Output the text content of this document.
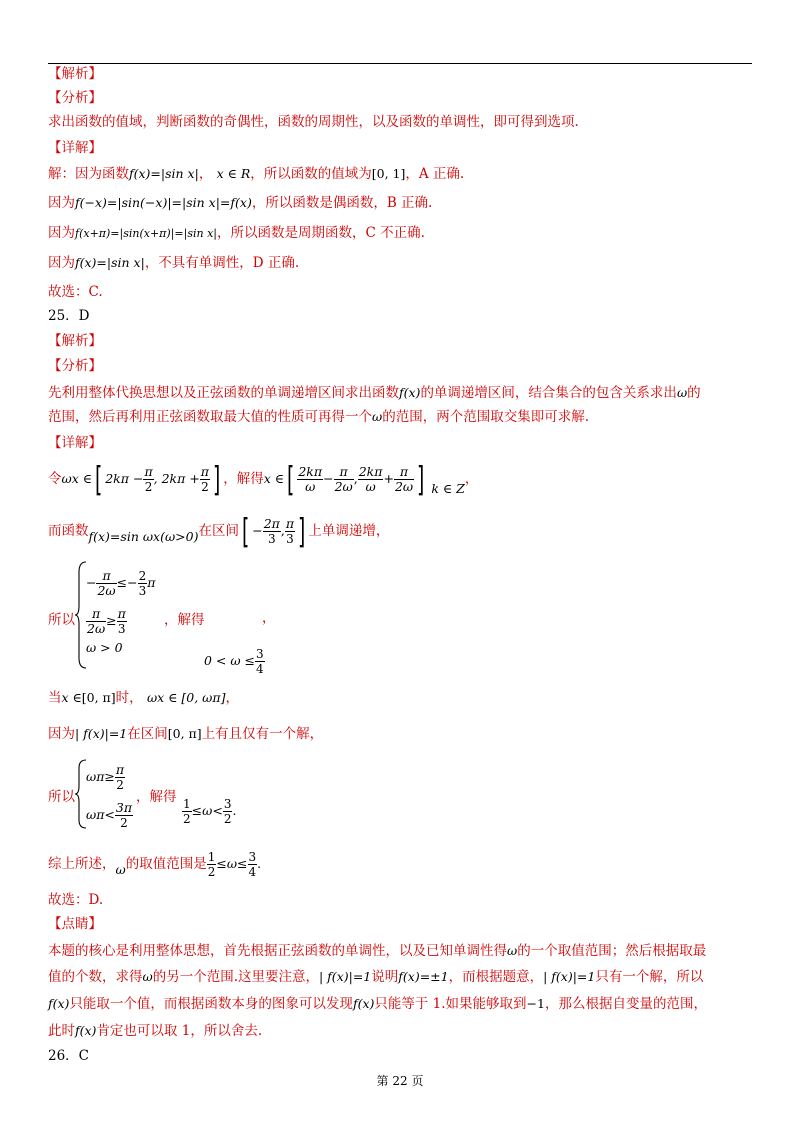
【解析】
【分析】
求出函数的值域，判断函数的奇偶性，函数的周期性，以及函数的单调性，即可得到选项.
【详解】
解：因为函数f(x)=|sin x|， x ∈ R，所以函数的值域为[0, 1]，A 正确.
因为f(−x)=|sin(−x)|=|sin x|=f(x)，所以函数是偶函数，B 正确.
因为f(x+π)=|sin(x+π)|=|sin x|，所以函数是周期函数，C 不正确.
因为f(x)=|sin x|，不具有单调性，D 正确.
故选：C.
25．D
【解析】
【分析】
先利用整体代换思想以及正弦函数的单调递增区间求出函数f(x)的单调递增区间，结合集合的包含关系求出ω的
范围，然后再利用正弦函数取最大值的性质可再得一个ω的范围，两个范围取交集即可求解.
【详解】
令ωx ∈[ $2k\pi - \frac{\pi}{2}$ , $2k\pi + \frac{\pi}{2}$ ] ，解得x ∈[ $\frac{2k\pi}{\omega} - \frac{\pi}{2\omega}$ , $\frac{2k\pi}{\omega} + \frac{\pi}{2\omega}$ ] k ∈ Z，
而函数f(x)=sin ωx(ω>0)在区间[ − $\frac{2\pi}{3}$ , $\frac{\pi}{3}$ ] 上单调递增，
所以
− $\frac{\pi}{2\omega} \le- \frac{2}{3}$ π
$\frac{\pi}{2\omega} \ge \frac{\pi}{3}$
ω > 0
，解得	，
$0 < \omega \le \frac{3}{4}$
当x ∈[0, π]时， ωx ∈ [0, ωπ]，
因为| f(x)|=1在区间[0, π]上有且仅有一个解，
所以
$\omega\pi\ge \frac{\pi}{2}$
$\omega\pi< \frac{3\pi}{2}$
，解得 $\frac{1}{2} \le\omega< \frac{3}{2}$ .
综上所述，ω的取值范围是 $\frac{1}{2} \le\omega\le \frac{3}{4}$ .
故选：D.
【点睛】
本题的核心是利用整体思想，首先根据正弦函数的单调性，以及已知单调性得ω的一个取值范围；然后根据取最
值的个数，求得ω的另一个范围.这里要注意，| f(x)|=1说明f(x)=±1，而根据题意，| f(x)|=1只有一个解，所以
f(x)只能取一个值，而根据函数本身的图象可以发现f(x)只能等于 1.如果能够取到−1，那么根据自变量的范围，
此时f(x)肯定也可以取 1，所以舍去.
26．C
第 22 页
